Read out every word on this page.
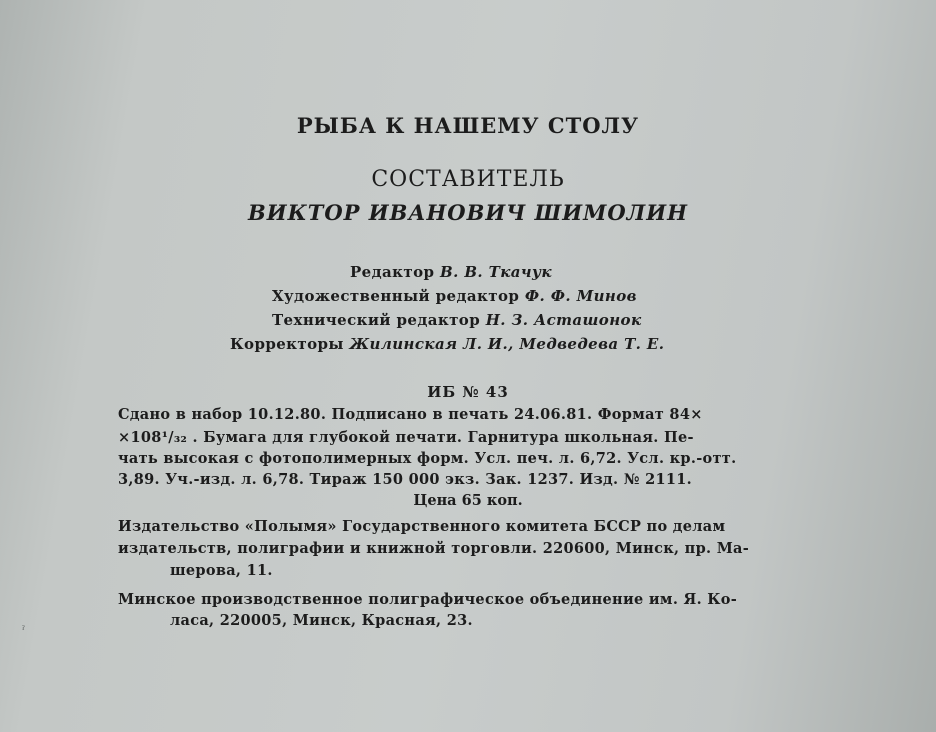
РЫБА К НАШЕМУ СТОЛУ
СОСТАВИТЕЛЬ
ВИКТОР ИВАНОВИЧ ШИМОЛИН
Редактор В. В. Ткачук
Художественный редактор Ф. Ф. Минов
Технический редактор Н. З. Асташонок
Корректоры Жилинская Л. И., Медведева Т. Е.
ИБ № 43
Сдано в набор 10.12.80. Подписано в печать 24.06.81. Формат 84×
×108¹/₃₂ . Бумага для глубокой печати. Гарнитура школьная. Пе-
чать высокая с фотополимерных форм. Усл. печ. л. 6,72. Усл. кр.-отт.
3,89. Уч.-изд. л. 6,78. Тираж 150 000 экз. Зак. 1237. Изд. № 2111.
Цена 65 коп.
Издательство «Полымя» Государственного комитета БССР по делам
издательств, полиграфии и книжной торговли. 220600, Минск, пр. Ма-
шерова, 11.
Минское производственное полиграфическое объединение им. Я. Ко-
ласа, 220005, Минск, Красная, 23.
ˀ
